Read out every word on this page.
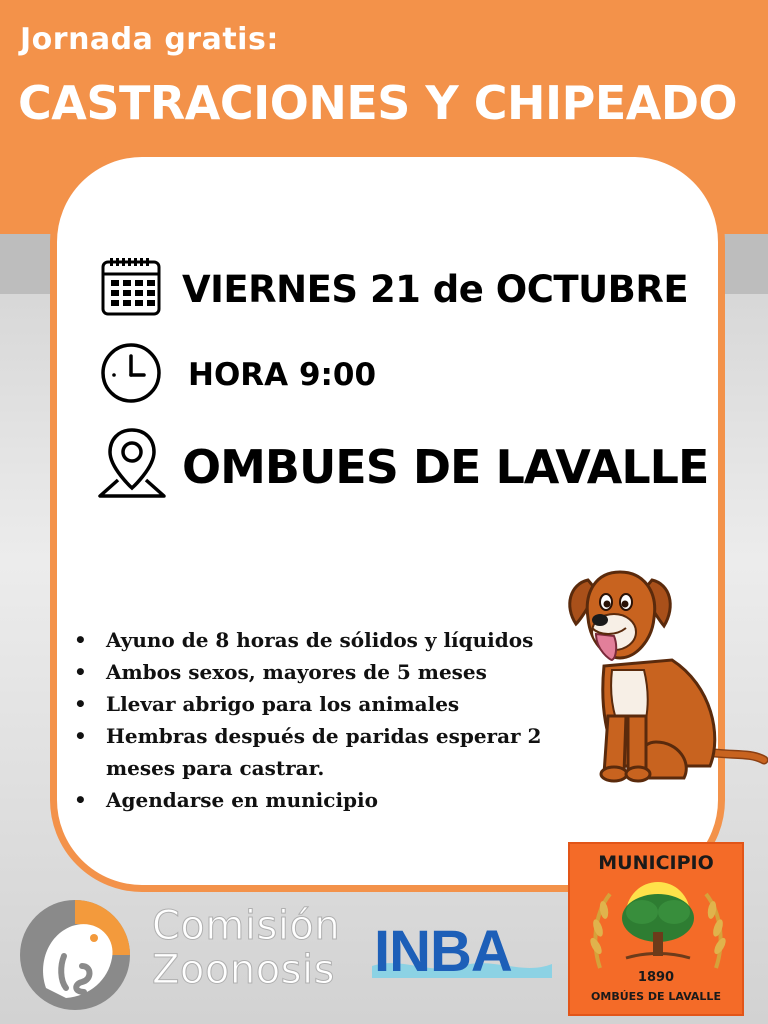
Jornada gratis:
CASTRACIONES Y CHIPEADO
VIERNES 21 de OCTUBRE
HORA 9:00
OMBUES DE LAVALLE
• Ayuno de 8 horas de sólidos y líquidos
• Ambos sexos, mayores de 5 meses
• Llevar abrigo para los animales
• Hembras después de paridas esperar 2 meses para castrar.
• Agendarse en municipio
Comisión
Zoonosis INBA
MUNICIPIO
1890
OMBÚES DE LAVALLE
